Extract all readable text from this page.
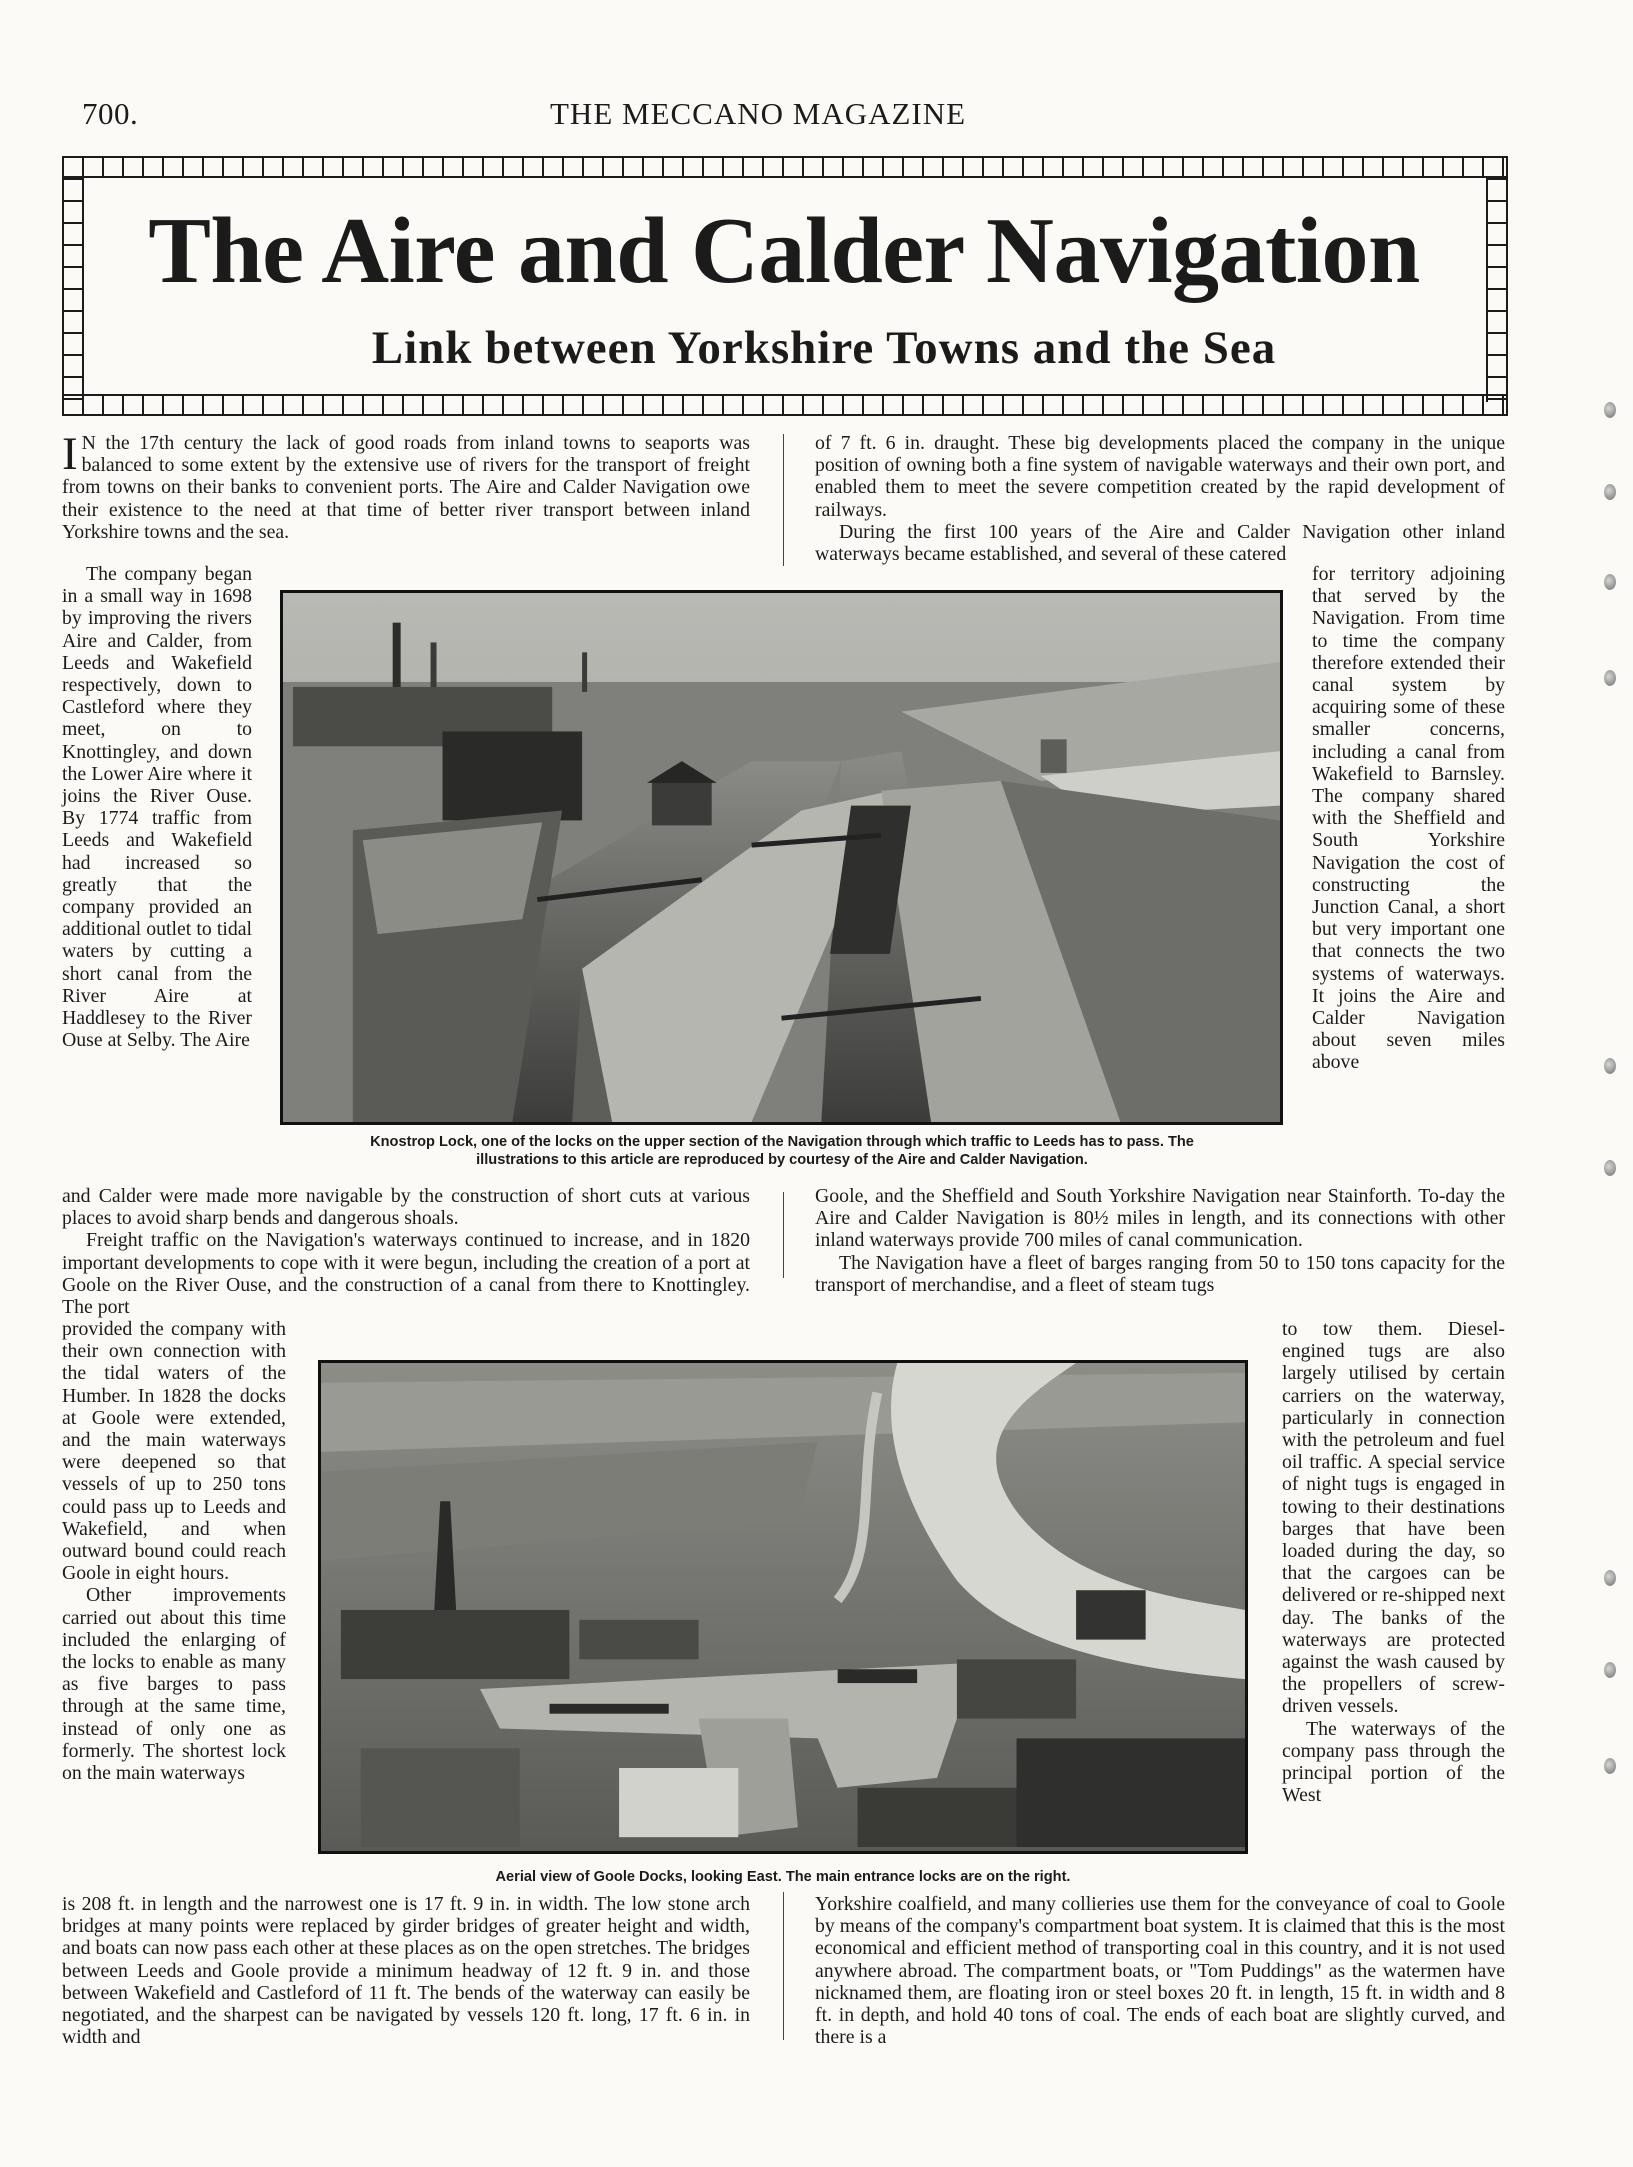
700.	THE MECCANO MAGAZINE
The Aire and Calder Navigation
Link between Yorkshire Towns and the Sea

I N the 17th century the lack of good roads from inland towns to seaports was balanced to some extent by the extensive use of rivers for the transport of freight from towns on their banks to convenient ports. The Aire and Calder Navigation owe their existence to the need at that time of better river transport between inland Yorkshire towns and the sea.

of 7 ft. 6 in. draught. These big developments placed the company in the unique position of owning both a fine system of navigable waterways and their own port, and enabled them to meet the severe competition created by the rapid development of railways.

During the first 100 years of the Aire and Calder Navigation other inland waterways became established, and several of these catered

The company began in a small way in 1698 by improving the rivers Aire and Calder, from Leeds and Wakefield respectively, down to Castleford where they meet, on to Knottingley, and down the Lower Aire where it joins the River Ouse. By 1774 traffic from Leeds and Wakefield had increased so greatly that the company provided an additional outlet to tidal waters by cutting a short canal from the River Aire at Haddlesey to the River Ouse at Selby. The Aire

for territory adjoining that served by the Navigation. From time to time the company therefore extended their canal system by acquiring some of these smaller concerns, including a canal from Wakefield to Barnsley. The company shared with the Sheffield and South Yorkshire Navigation the cost of constructing the Junction Canal, a short but very important one that connects the two systems of waterways. It joins the Aire and Calder Navigation about seven miles above

Knostrop Lock, one of the locks on the upper section of the Navigation through which traffic to Leeds has to pass. The
illustrations to this article are reproduced by courtesy of the Aire and Calder Navigation.

and Calder were made more navigable by the construction of short cuts at various places to avoid sharp bends and dangerous shoals.

Freight traffic on the Navigation's waterways continued to increase, and in 1820 important developments to cope with it were begun, including the creation of a port at Goole on the River Ouse, and the construction of a canal from there to Knottingley. The port

Goole, and the Sheffield and South Yorkshire Navigation near Stainforth. To-day the Aire and Calder Navigation is 80½ miles in length, and its connections with other inland waterways provide 700 miles of canal communication.

The Navigation have a fleet of barges ranging from 50 to 150 tons capacity for the transport of merchandise, and a fleet of steam tugs

provided the company with their own connection with the tidal waters of the Humber. In 1828 the docks at Goole were extended, and the main waterways were deepened so that vessels of up to 250 tons could pass up to Leeds and Wakefield, and when outward bound could reach Goole in eight hours.

Other improvements carried out about this time included the enlarging of the locks to enable as many as five barges to pass through at the same time, instead of only one as formerly. The shortest lock on the main waterways

to tow them. Diesel-engined tugs are also largely utilised by certain carriers on the waterway, particularly in connection with the petroleum and fuel oil traffic. A special service of night tugs is engaged in towing to their destinations barges that have been loaded during the day, so that the cargoes can be delivered or re-shipped next day. The banks of the waterways are protected against the wash caused by the propellers of screw-driven vessels.

The waterways of the company pass through the principal portion of the West

Aerial view of Goole Docks, looking East. The main entrance locks are on the right.

is 208 ft. in length and the narrowest one is 17 ft. 9 in. in width. The low stone arch bridges at many points were replaced by girder bridges of greater height and width, and boats can now pass each other at these places as on the open stretches. The bridges between Leeds and Goole provide a minimum headway of 12 ft. 9 in. and those between Wakefield and Castleford of 11 ft. The bends of the waterway can easily be negotiated, and the sharpest can be navigated by vessels 120 ft. long, 17 ft. 6 in. in width and

Yorkshire coalfield, and many collieries use them for the conveyance of coal to Goole by means of the company's compartment boat system. It is claimed that this is the most economical and efficient method of transporting coal in this country, and it is not used anywhere abroad. The compartment boats, or "Tom Puddings" as the watermen have nicknamed them, are floating iron or steel boxes 20 ft. in length, 15 ft. in width and 8 ft. in depth, and hold 40 tons of coal. The ends of each boat are slightly curved, and there is a
